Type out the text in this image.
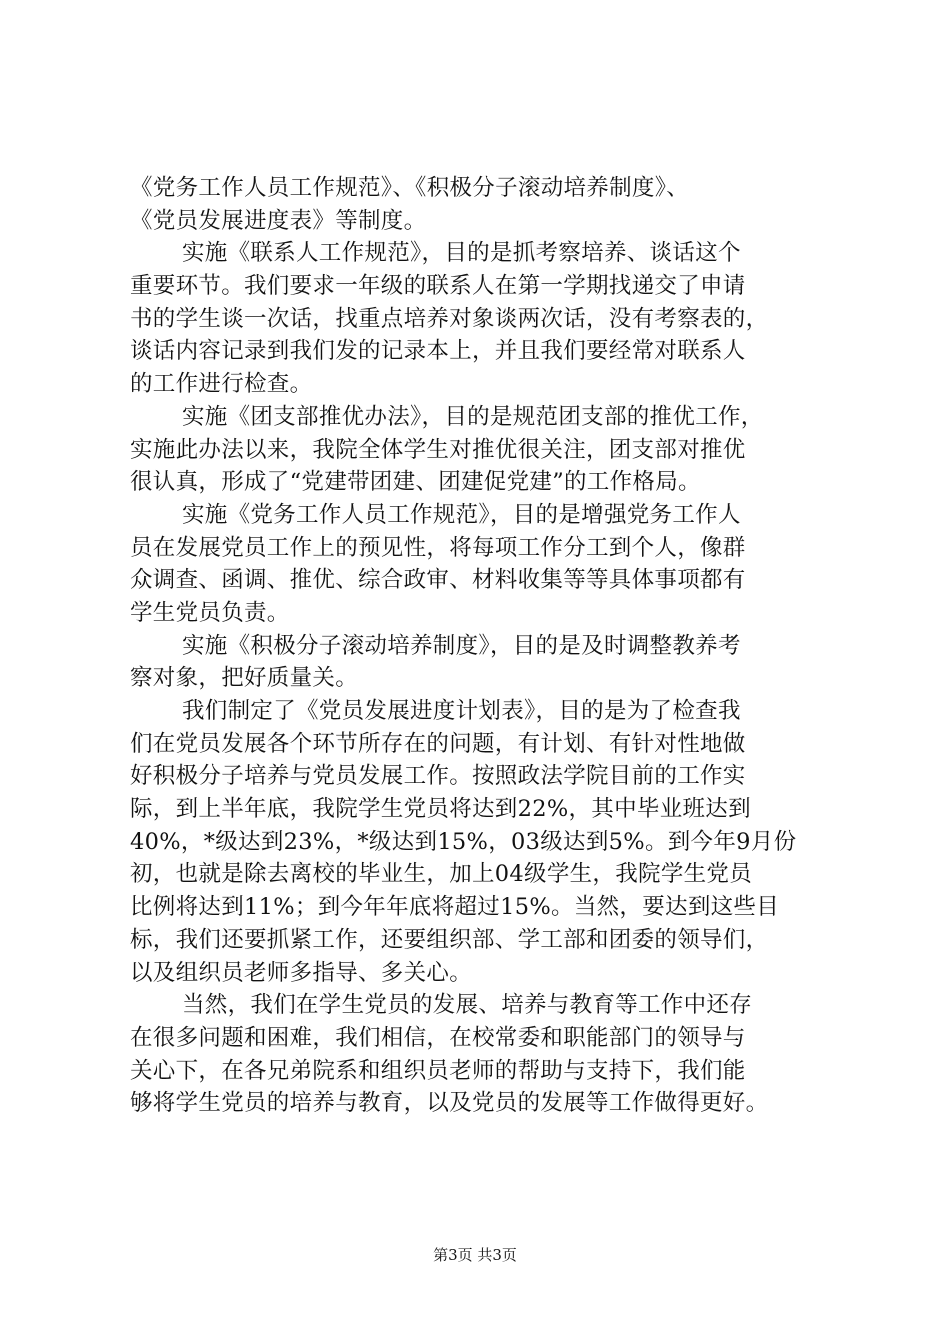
《党务工作人员工作规范》、《积极分子滚动培养制度》、
《党员发展进度表》等制度。
实施《联系人工作规范》，目的是抓考察培养、谈话这个
重要环节。我们要求一年级的联系人在第一学期找递交了申请
书的学生谈一次话，找重点培养对象谈两次话，没有考察表的，
谈话内容记录到我们发的记录本上，并且我们要经常对联系人
的工作进行检查。
实施《团支部推优办法》，目的是规范团支部的推优工作，
实施此办法以来，我院全体学生对推优很关注，团支部对推优
很认真，形成了“党建带团建、团建促党建”的工作格局。
实施《党务工作人员工作规范》，目的是增强党务工作人
员在发展党员工作上的预见性，将每项工作分工到个人，像群
众调查、函调、推优、综合政审、材料收集等等具体事项都有
学生党员负责。
实施《积极分子滚动培养制度》，目的是及时调整教养考
察对象，把好质量关。
我们制定了《党员发展进度计划表》，目的是为了检查我
们在党员发展各个环节所存在的问题，有计划、有针对性地做
好积极分子培养与党员发展工作。按照政法学院目前的工作实
际，到上半年底，我院学生党员将达到22%，其中毕业班达到
40%，*级达到23%，*级达到15%，03级达到5%。到今年9月份
初，也就是除去离校的毕业生，加上04级学生，我院学生党员
比例将达到11%；到今年年底将超过15%。当然，要达到这些目
标，我们还要抓紧工作，还要组织部、学工部和团委的领导们，
以及组织员老师多指导、多关心。
当然，我们在学生党员的发展、培养与教育等工作中还存
在很多问题和困难，我们相信，在校常委和职能部门的领导与
关心下，在各兄弟院系和组织员老师的帮助与支持下，我们能
够将学生党员的培养与教育，以及党员的发展等工作做得更好。
第3页 共3页
